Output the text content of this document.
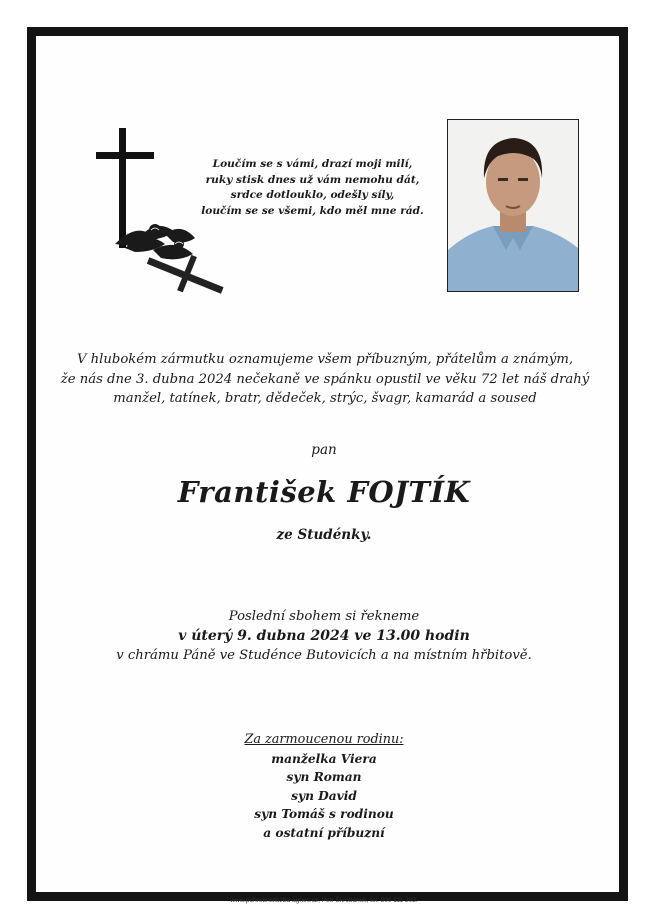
Loučím se s vámi, drazí moji milí,
ruky stisk dnes už vám nemohu dát,
srdce dotlouklo, odešly síly,
loučím se se všemi, kdo měl mne rád.
V hlubokém zármutku oznamujeme všem příbuzným, přátelům a známým,
že nás dne 3. dubna 2024 nečekaně ve spánku opustil ve věku 72 let náš drahý
manžel, tatínek, bratr, dědeček, strýc, švagr, kamarád a soused
pan
František FOJTÍK
ze Studénky.
Poslední sbohem si řekneme
v úterý 9. dubna 2024 ve 13.00 hodin
v chrámu Páně ve Studénce Butovicích a na místním hřbitově.
Za zarmoucenou rodinu:
manželka Viera
syn Roman
syn David
syn Tomáš s rodinou
a ostatní příbuzní
www.pohrebnisluzba-agnes.cz, Petr Škrobánek, tel. 800 111 202.
